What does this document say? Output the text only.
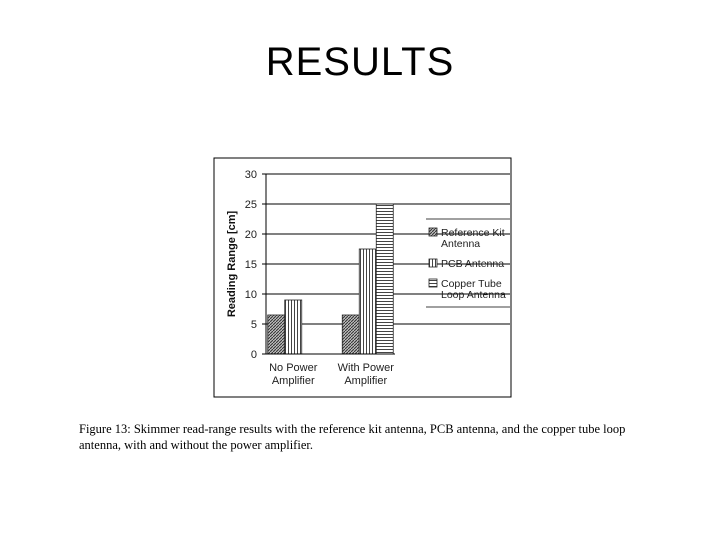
RESULTS
0
5
10
15
20
25
30
Reading Range [cm]
No Power
Amplifier
With Power
Amplifier
Reference Kit
Antenna
PCB Antenna
Copper Tube
Loop Antenna
Figure 13: Skimmer read-range results with the reference kit antenna, PCB antenna, and the copper tube loop antenna, with and without the power amplifier.
